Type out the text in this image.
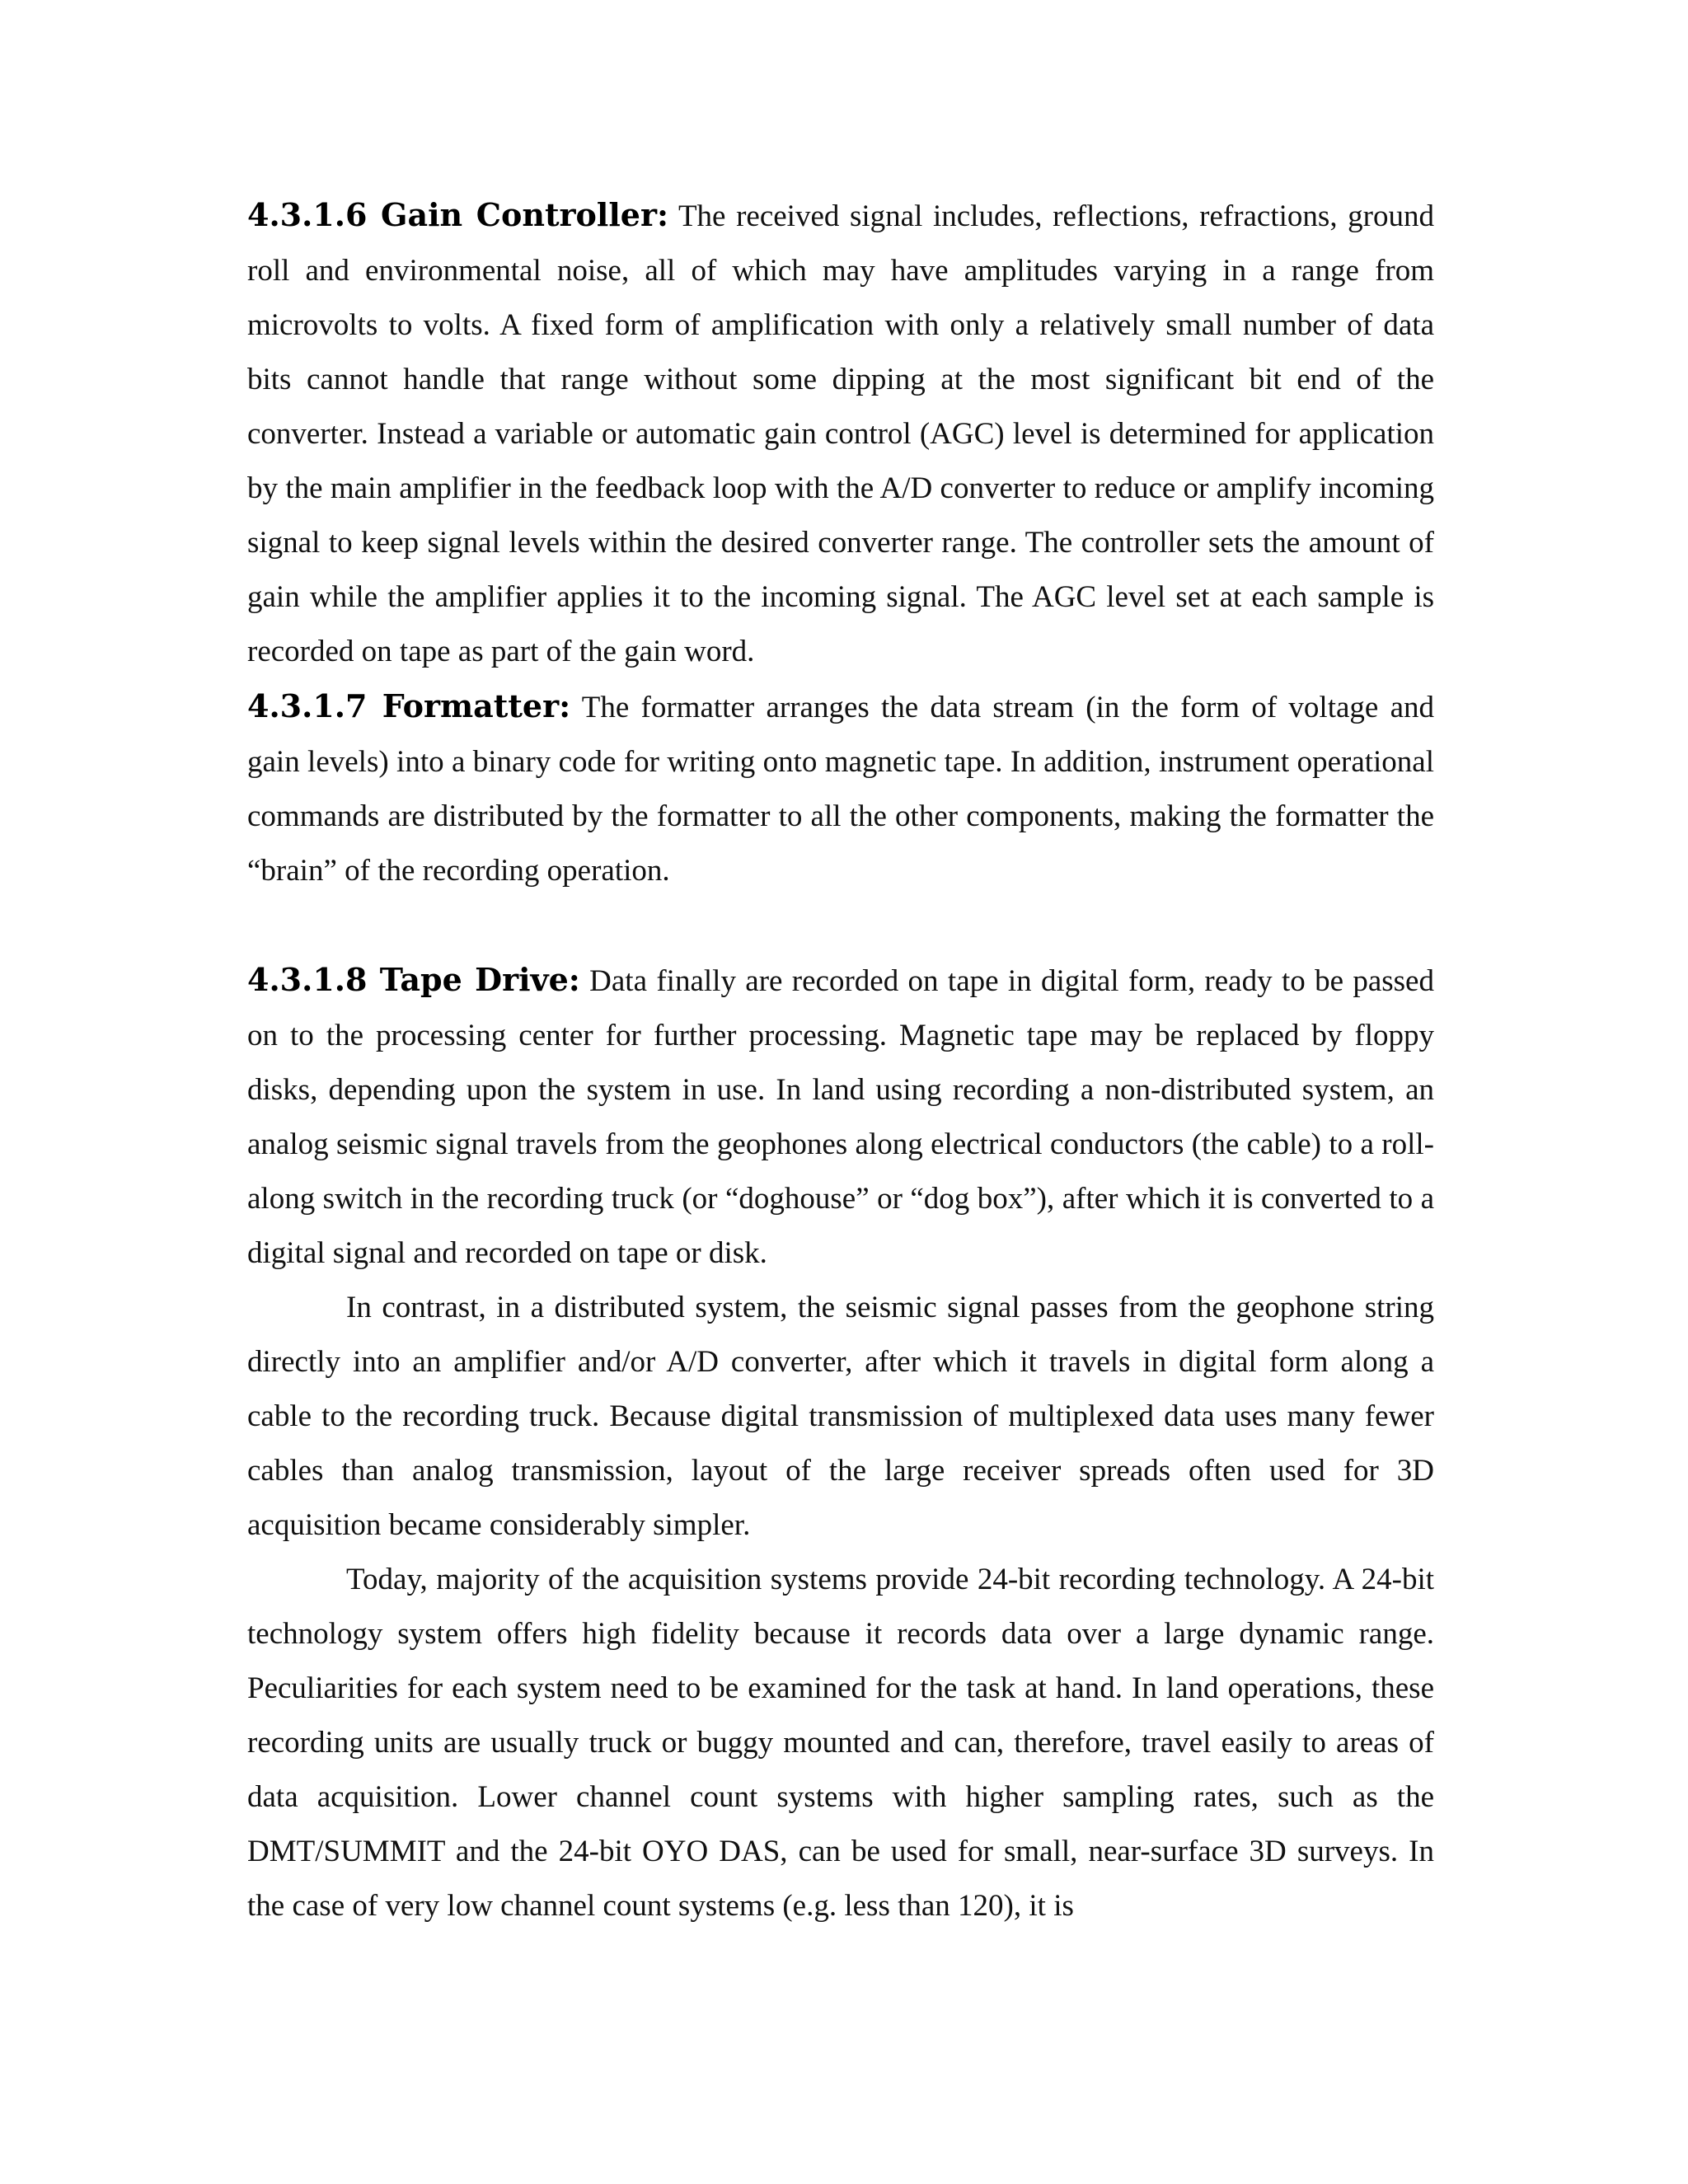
4.3.1.6 Gain Controller: The received signal includes, reflections, refractions, ground roll and environmental noise, all of which may have amplitudes varying in a range from microvolts to volts. A fixed form of amplification with only a relatively small number of data bits cannot handle that range without some dipping at the most significant bit end of the converter. Instead a variable or automatic gain control (AGC) level is determined for application by the main amplifier in the feedback loop with the A/D converter to reduce or amplify incoming signal to keep signal levels within the desired converter range. The controller sets the amount of gain while the amplifier applies it to the incoming signal. The AGC level set at each sample is recorded on tape as part of the gain word.

4.3.1.7 Formatter: The formatter arranges the data stream (in the form of voltage and gain levels) into a binary code for writing onto magnetic tape. In addition, instrument operational commands are distributed by the formatter to all the other components, making the formatter the “brain” of the recording operation.

4.3.1.8 Tape Drive: Data finally are recorded on tape in digital form, ready to be passed on to the processing center for further processing. Magnetic tape may be replaced by floppy disks, depending upon the system in use. In land using recording a non-distributed system, an analog seismic signal travels from the geophones along electrical conductors (the cable) to a roll-along switch in the recording truck (or “doghouse” or “dog box”), after which it is converted to a digital signal and recorded on tape or disk.

In contrast, in a distributed system, the seismic signal passes from the geophone string directly into an amplifier and/or A/D converter, after which it travels in digital form along a cable to the recording truck. Because digital transmission of multiplexed data uses many fewer cables than analog transmission, layout of the large receiver spreads often used for 3D acquisition became considerably simpler.

Today, majority of the acquisition systems provide 24-bit recording technology. A 24-bit technology system offers high fidelity because it records data over a large dynamic range. Peculiarities for each system need to be examined for the task at hand. In land operations, these recording units are usually truck or buggy mounted and can, therefore, travel easily to areas of data acquisition. Lower channel count systems with higher sampling rates, such as the DMT/SUMMIT and the 24-bit OYO DAS, can be used for small, near-surface 3D surveys. In the case of very low channel count systems (e.g. less than 120), it is
